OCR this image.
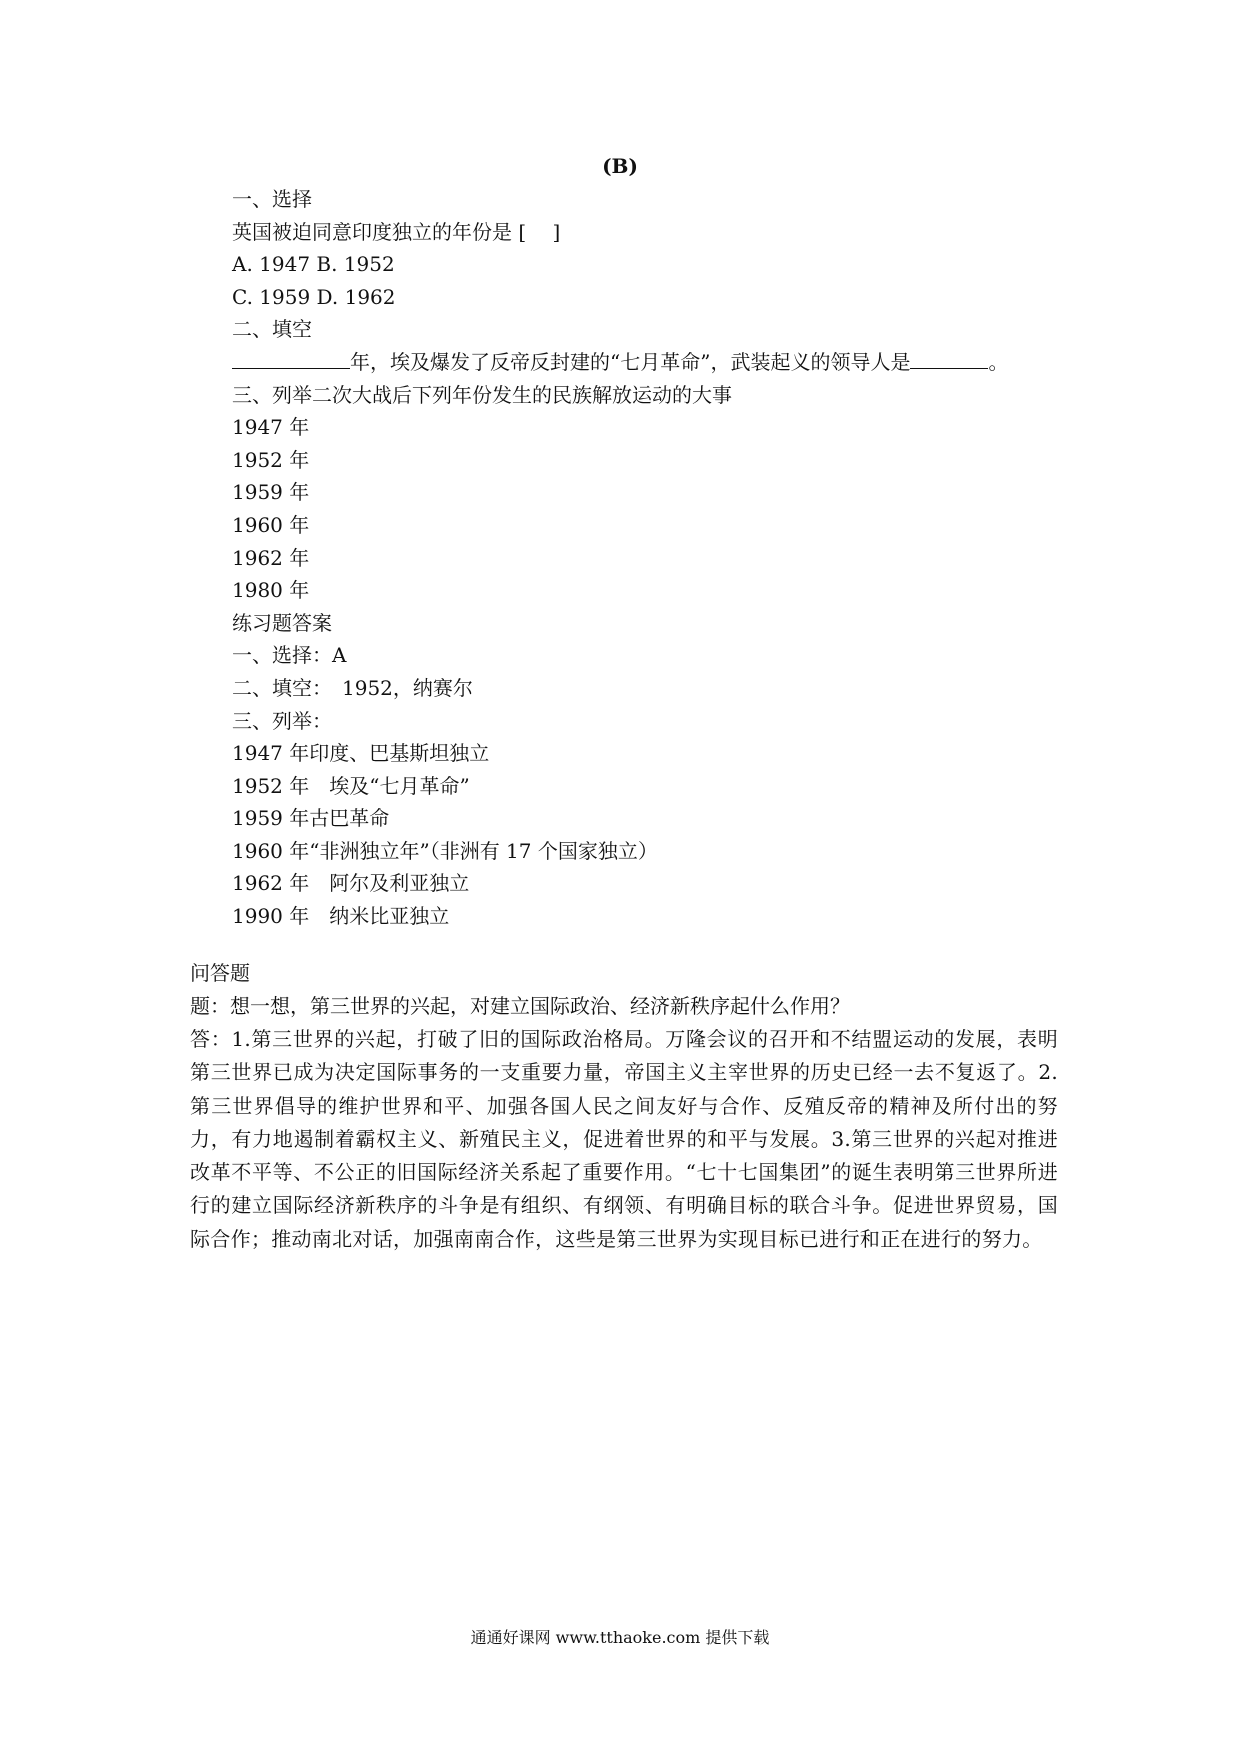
(B)
一、选择
英国被迫同意印度独立的年份是 [　 ]
A. 1947 B. 1952
C. 1959 D. 1962
二、填空
年，埃及爆发了反帝反封建的“七月革命”，武装起义的领导人是	。
三、列举二次大战后下列年份发生的民族解放运动的大事
1947 年
1952 年
1959 年
1960 年
1962 年
1980 年
练习题答案
一、选择：A
二、填空：　1952，纳赛尔
三、列举：
1947 年印度、巴基斯坦独立
1952 年　埃及“七月革命”
1959 年古巴革命
1960 年“非洲独立年”（非洲有 17 个国家独立）
1962 年　阿尔及利亚独立
1990 年　纳米比亚独立
问答题
题：想一想，第三世界的兴起，对建立国际政治、经济新秩序起什么作用？
答：1.第三世界的兴起，打破了旧的国际政治格局。万隆会议的召开和不结盟运动的发展，表明第三世界已成为决定国际事务的一支重要力量，帝国主义主宰世界的历史已经一去不复返了。2.第三世界倡导的维护世界和平、加强各国人民之间友好与合作、反殖反帝的精神及所付出的努力，有力地遏制着霸权主义、新殖民主义，促进着世界的和平与发展。3.第三世界的兴起对推进改革不平等、不公正的旧国际经济关系起了重要作用。“七十七国集团”的诞生表明第三世界所进行的建立国际经济新秩序的斗争是有组织、有纲领、有明确目标的联合斗争。促进世界贸易，国际合作；推动南北对话，加强南南合作，这些是第三世界为实现目标已进行和正在进行的努力。
通通好课网 www.tthaoke.com 提供下载
